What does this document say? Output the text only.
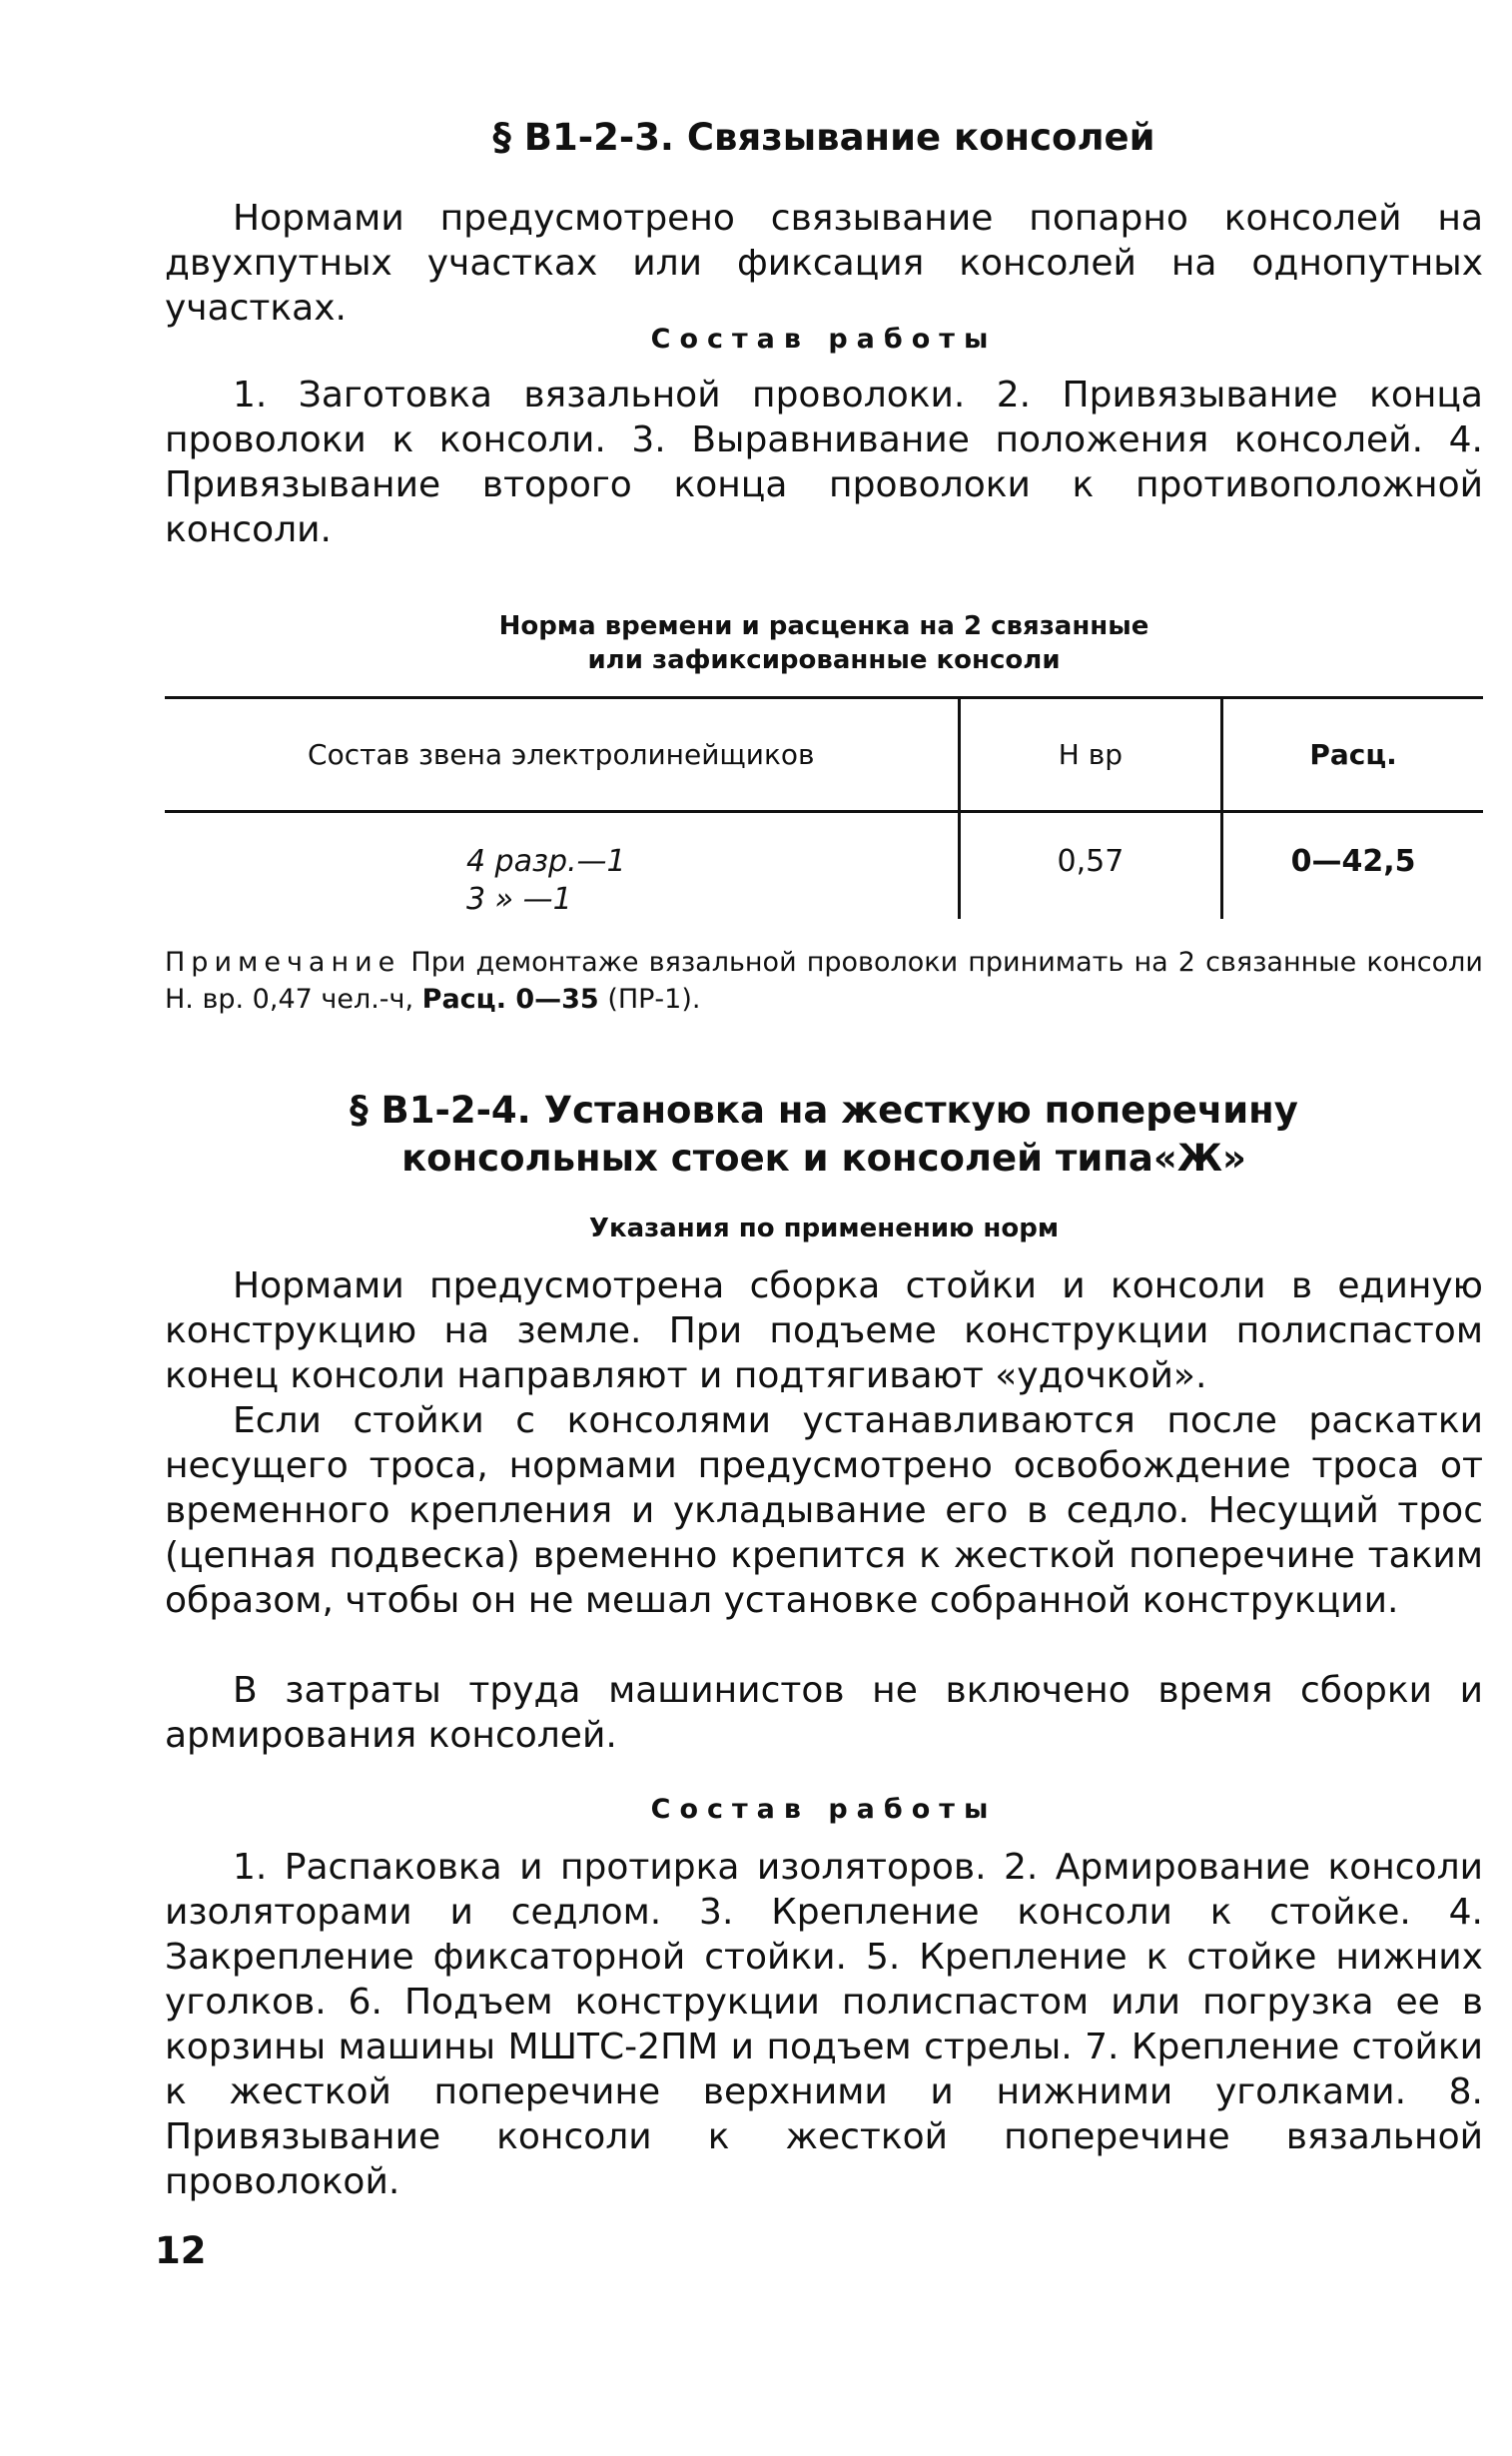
§ B1-2-3. Связывание консолей

Нормами предусмотрено связывание попарно консолей на двухпутных участках или фиксация консолей на однопутных участках.

Состав работы

1. Заготовка вязальной проволоки. 2. Привязывание конца проволоки к консоли. 3. Выравнивание положения консолей. 4. Привязывание второго конца проволоки к противоположной консоли.

Норма времени и расценка на 2 связанные

или зафиксированные консоли

Состав звена электролинейщиков	Н вр	Расц.

4 разр.—1
3 » —1	0,57	0—42,5

Примечание При демонтаже вязальной проволоки принимать на 2 связанные консоли Н. вр. 0,47 чел.-ч, Расц. 0—35 (ПР-1).

§ B1-2-4. Установка на жесткую поперечину
консольных стоек и консолей типа«Ж»

Указания по применению норм

Нормами предусмотрена сборка стойки и консоли в единую конструкцию на земле. При подъеме конструкции полиспастом конец консоли направляют и подтягивают «удочкой».

Если стойки с консолями устанавливаются после раскатки несущего троса, нормами предусмотрено освобождение троса от временного крепления и укладывание его в седло. Несущий трос (цепная подвеска) временно крепится к жесткой поперечине таким образом, чтобы он не мешал установке собранной конструкции.

В затраты труда машинистов не включено время сборки и армирования консолей.

Состав работы

1. Распаковка и протирка изоляторов. 2. Армирование консоли изоляторами и седлом. 3. Крепление консоли к стойке. 4. Закрепление фиксаторной стойки. 5. Крепление к стойке нижних уголков. 6. Подъем конструкции полиспастом или погрузка ее в корзины машины МШТС-2ПМ и подъем стрелы. 7. Крепление стойки к жесткой поперечине верхними и нижними уголками. 8. Привязывание консоли к жесткой поперечине вязальной проволокой.

12
